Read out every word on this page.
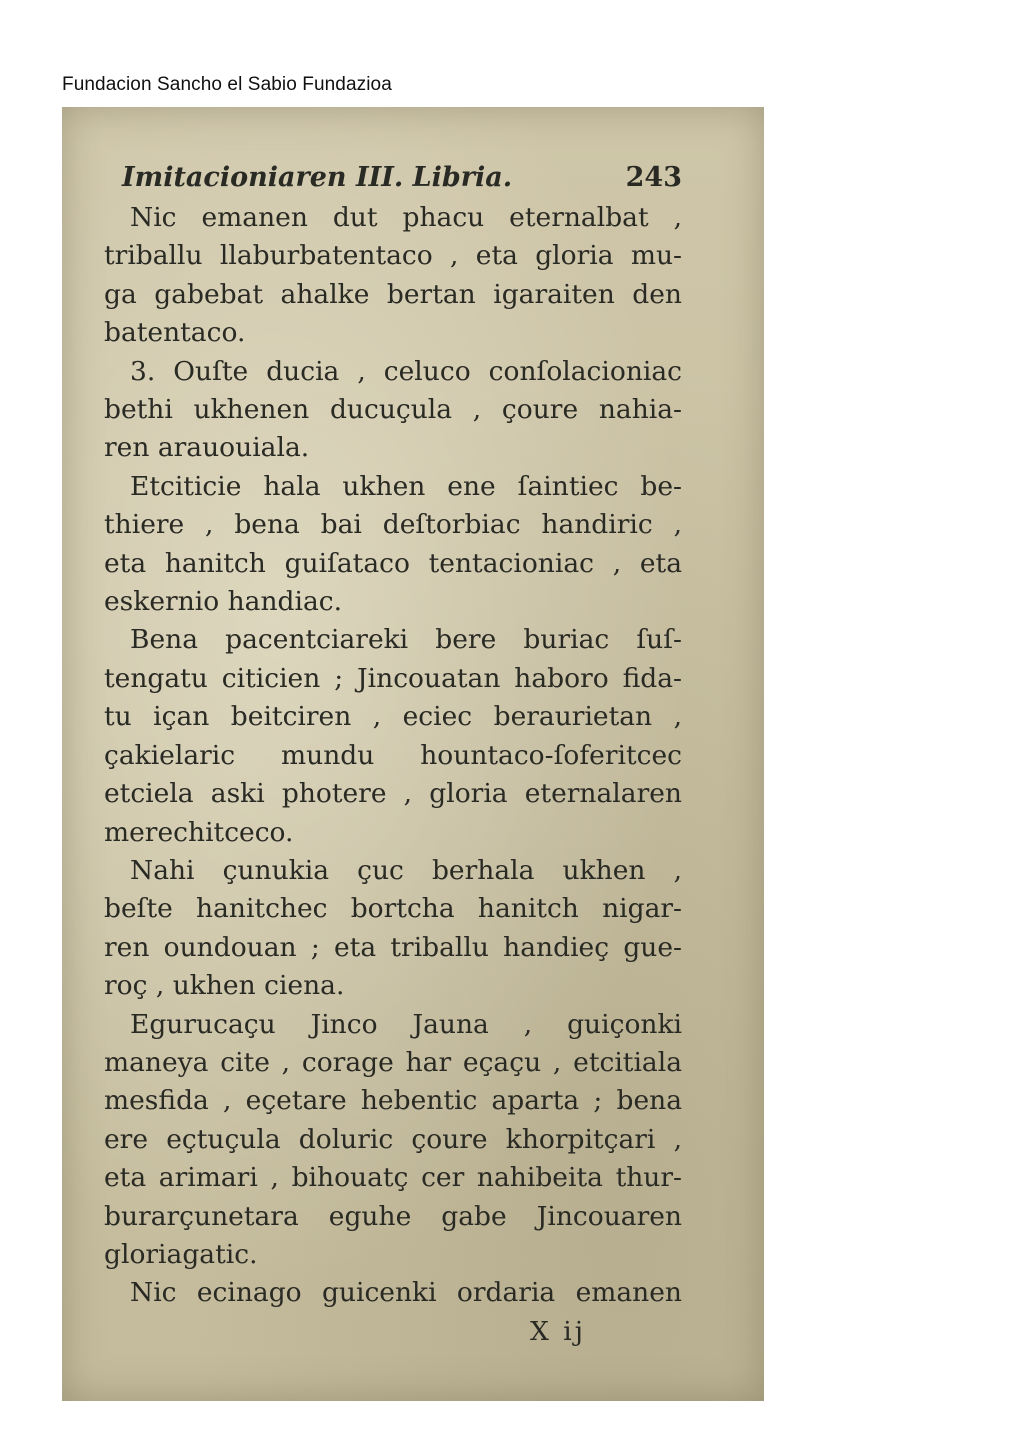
Fundacion Sancho el Sabio Fundazioa
Imitacioniaren III. Libria.	243
Nic emanen dut phacu eternalbat ,
triballu llaburbatentaco , eta gloria mu-
ga gabebat ahalke bertan igaraiten den
batentaco.
3. Ouſte ducia , celuco conſolacioniac
bethi ukhenen ducuçula , çoure nahia-
ren arauouiala.
Etciticie hala ukhen ene ſaintiec be-
thiere , bena bai deſtorbiac handiric ,
eta hanitch guiſataco tentacioniac , eta
eskernio handiac.
Bena pacentciareki bere buriac ſuſ-
tengatu citicien ; Jincouatan haboro fida-
tu içan beitciren , eciec beraurietan ,
çakielaric mundu hountaco-ſoferitcec
etciela aski photere , gloria eternalaren
merechitceco.
Nahi çunukia çuc berhala ukhen ,
beſte hanitchec bortcha hanitch nigar-
ren oundouan ; eta triballu handieç gue-
roç , ukhen ciena.
Egurucaçu Jinco Jauna , guiçonki
maneya cite , corage har eçaçu , etcitiala
mesfida , eçetare hebentic aparta ; bena
ere eçtuçula doluric çoure khorpitçari ,
eta arimari , bihouatç cer nahibeita thur-
burarçunetara eguhe gabe Jincouaren
gloriagatic.
Nic ecinago guicenki ordaria emanen
X ij
